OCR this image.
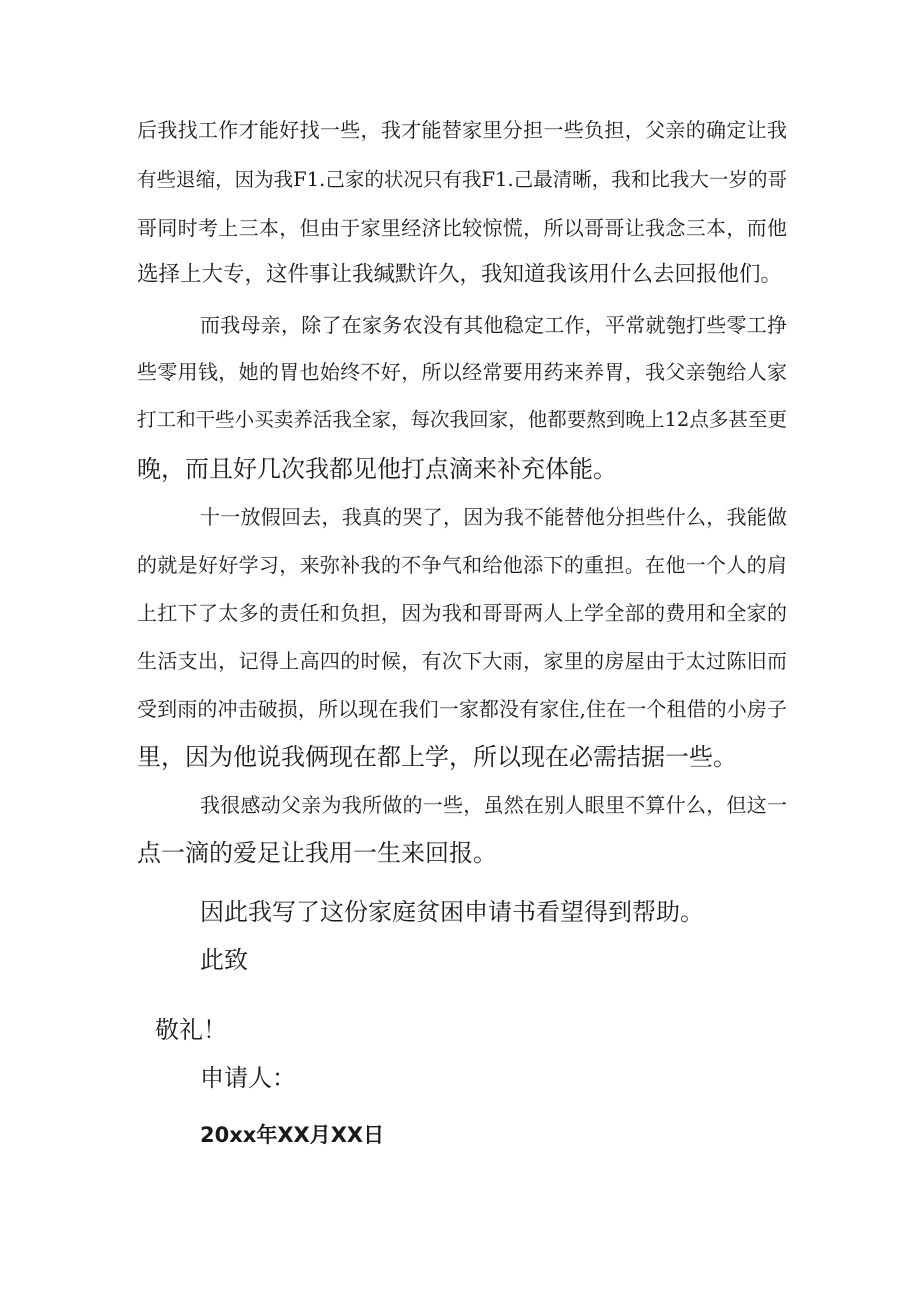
后我找工作才能好找一些，我才能替家里分担一些负担，父亲的确定让我
有些退缩，因为我F1.己家的状况只有我F1.己最清晰，我和比我大一岁的哥
哥同时考上三本，但由于家里经济比较惊慌，所以哥哥让我念三本，而他
选择上大专，这件事让我缄默许久，我知道我该用什么去回报他们。
而我母亲，除了在家务农没有其他稳定工作，平常就匏打些零工挣
些零用钱，她的胃也始终不好，所以经常要用药来养胃，我父亲匏给人家
打工和干些小买卖养活我全家，每次我回家，他都要熬到晚上12点多甚至更
晚，而且好几次我都见他打点滴来补充体能。
十一放假回去，我真的哭了，因为我不能替他分担些什么，我能做
的就是好好学习，来弥补我的不争气和给他添下的重担。在他一个人的肩
上扛下了太多的责任和负担，因为我和哥哥两人上学全部的费用和全家的
生活支出，记得上高四的时候，有次下大雨，家里的房屋由于太过陈旧而
受到雨的冲击破损，所以现在我们一家都没有家住,住在一个租借的小房子
里，因为他说我俩现在都上学，所以现在必需拮据一些。
我很感动父亲为我所做的一些，虽然在别人眼里不算什么，但这一
点一滴的爱足让我用一生来回报。
因此我写了这份家庭贫困申请书看望得到帮助。
此致
敬礼！
申请人：
20xx年XX月XX日
